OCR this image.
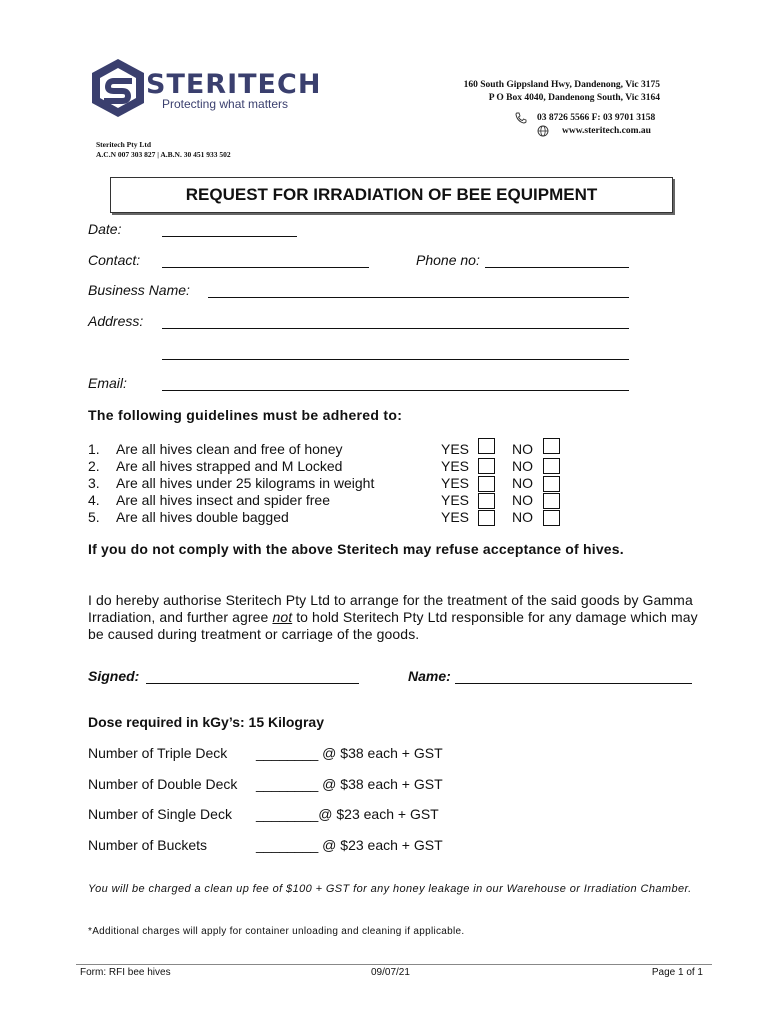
STERITECH
Protecting what matters
160 South Gippsland Hwy, Dandenong, Vic 3175
P O Box 4040, Dandenong South, Vic 3164
03 8726 5566 F: 03 9701 3158
www.steritech.com.au
Steritech Pty Ltd
A.C.N 007 303 827 | A.B.N. 30 451 933 502
REQUEST FOR IRRADIATION OF BEE EQUIPMENT
Date:
Contact:	Phone no:
Business Name:
Address:
Email:
The following guidelines must be adhered to:
1. Are all hives clean and free of honey	YES	NO
2. Are all hives strapped and M Locked	YES	NO
3. Are all hives under 25 kilograms in weight	YES	NO
4. Are all hives insect and spider free	YES	NO
5. Are all hives double bagged	YES	NO
If you do not comply with the above Steritech may refuse acceptance of hives.
I do hereby authorise Steritech Pty Ltd to arrange for the treatment of the said goods by Gamma Irradiation, and further agree not to hold Steritech Pty Ltd responsible for any damage which may be caused during treatment or carriage of the goods.
Signed:	Name:
Dose required in kGy’s: 15 Kilogray
Number of Triple Deck ________ @ $38 each + GST
Number of Double Deck ________ @ $38 each + GST
Number of Single Deck ________@ $23 each + GST
Number of Buckets	________ @ $23 each + GST
You will be charged a clean up fee of $100 + GST for any honey leakage in our Warehouse or Irradiation Chamber.
*Additional charges will apply for container unloading and cleaning if applicable.
Form: RFI bee hives	09/07/21	Page 1 of 1
